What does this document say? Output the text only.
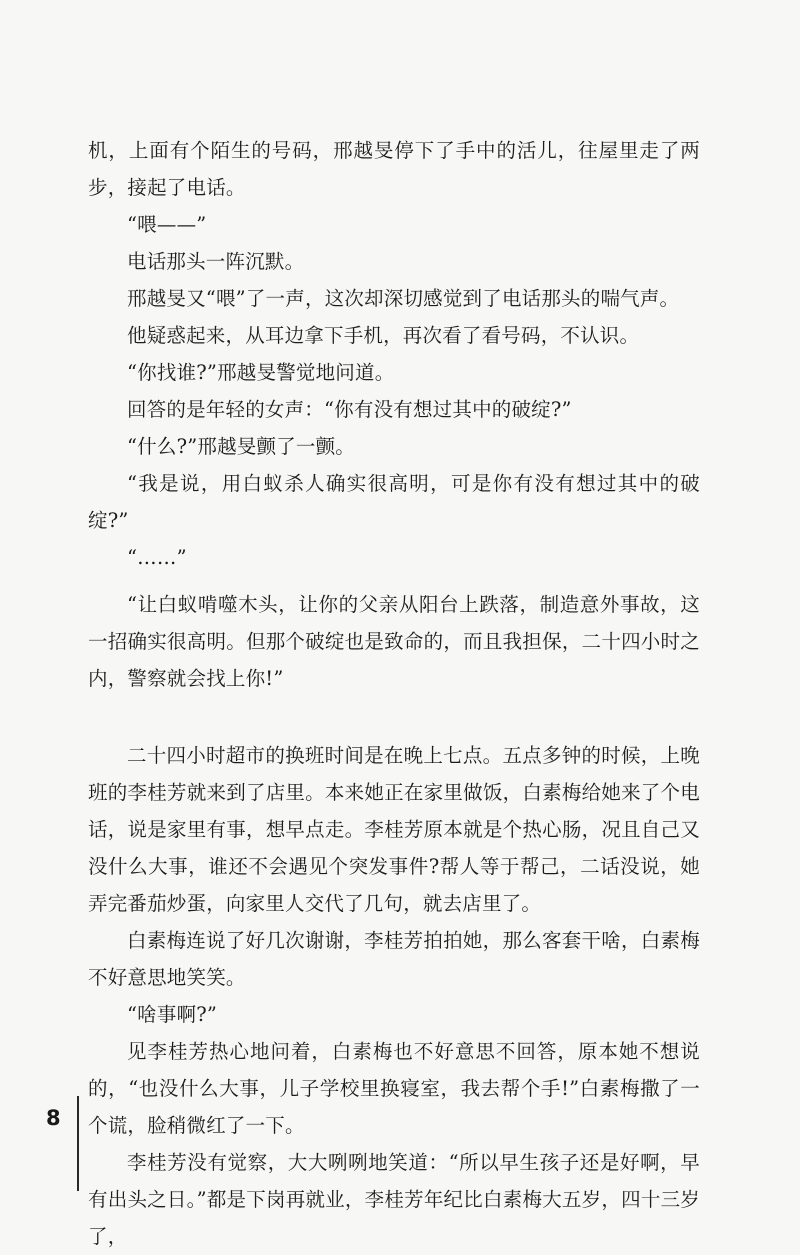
机，上面有个陌生的号码，邢越旻停下了手中的活儿，往屋里走了两步，接起了电话。

“喂——”

电话那头一阵沉默。

邢越旻又“喂”了一声，这次却深切感觉到了电话那头的喘气声。

他疑惑起来，从耳边拿下手机，再次看了看号码，不认识。

“你找谁?”邢越旻警觉地问道。

回答的是年轻的女声：“你有没有想过其中的破绽?”

“什么?”邢越旻颤了一颤。

“我是说，用白蚁杀人确实很高明，可是你有没有想过其中的破绽?”

“……”

“让白蚁啃噬木头，让你的父亲从阳台上跌落，制造意外事故，这一招确实很高明。但那个破绽也是致命的，而且我担保，二十四小时之内，警察就会找上你!”

二十四小时超市的换班时间是在晚上七点。五点多钟的时候，上晚班的李桂芳就来到了店里。本来她正在家里做饭，白素梅给她来了个电话，说是家里有事，想早点走。李桂芳原本就是个热心肠，况且自己又没什么大事，谁还不会遇见个突发事件?帮人等于帮己，二话没说，她弄完番茄炒蛋，向家里人交代了几句，就去店里了。

白素梅连说了好几次谢谢，李桂芳拍拍她，那么客套干啥，白素梅不好意思地笑笑。

“啥事啊?”

见李桂芳热心地问着，白素梅也不好意思不回答，原本她不想说的，“也没什么大事，儿子学校里换寝室，我去帮个手!”白素梅撒了一个谎，脸稍微红了一下。

李桂芳没有觉察，大大咧咧地笑道：“所以早生孩子还是好啊，早有出头之日。”都是下岗再就业，李桂芳年纪比白素梅大五岁，四十三岁了，

8
